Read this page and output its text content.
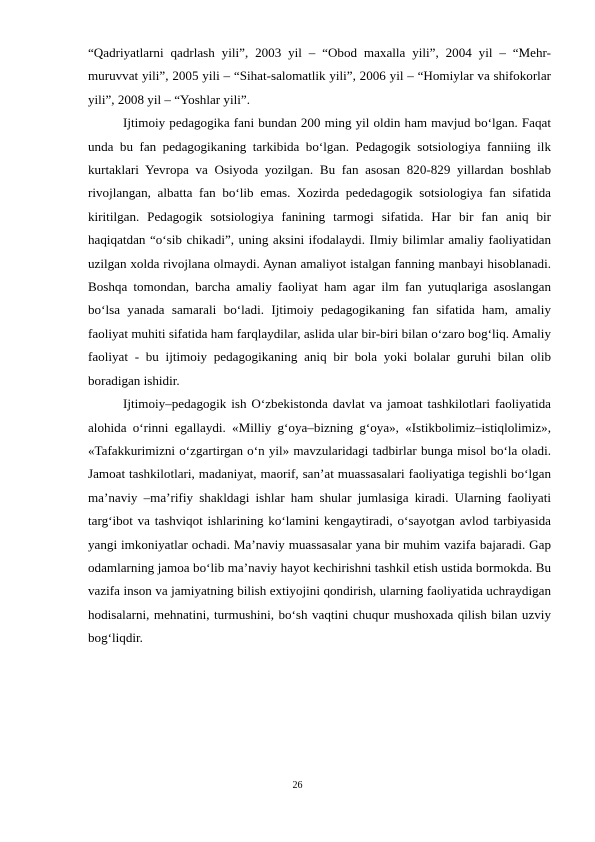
“Qadriyatlarni qadrlash yili”, 2003 yil – “Obod maxalla yili”, 2004 yil – “Mehr-muruvvat yili”, 2005 yili – “Sihat-salomatlik yili”, 2006 yil – “Homiylar va shifokorlar yili”, 2008 yil – “Yoshlar yili”.

Ijtimoiy pedagogika fani bundan 200 ming yil oldin ham mavjud bo‘lgan. Faqat unda bu fan pedagogikaning tarkibida bo‘lgan. Pedagogik sotsiologiya fanniing ilk kurtaklari Yevropa va Osiyoda yozilgan. Bu fan asosan 820-829 yillardan boshlab rivojlangan, albatta fan bo‘lib emas. Xozirda pededagogik sotsiologiya fan sifatida kiritilgan. Pedagogik sotsiologiya fanining tarmogi sifatida. Har bir fan aniq bir haqiqatdan “o‘sib chikadi”, uning aksini ifodalaydi. Ilmiy bilimlar amaliy faoliyatidan uzilgan xolda rivojlana olmaydi. Aynan amaliyot istalgan fanning manbayi hisoblanadi. Boshqa tomondan, barcha amaliy faoliyat ham agar ilm fan yutuqlariga asoslangan bo‘lsa yanada samarali bo‘ladi. Ijtimoiy pedagogikaning fan sifatida ham, amaliy faoliyat muhiti sifatida ham farqlaydilar, aslida ular bir-biri bilan o‘zaro bog‘liq. Amaliy faoliyat - bu ijtimoiy pedagogikaning aniq bir bola yoki bolalar guruhi bilan olib boradigan ishidir.

Ijtimoiy–pedagogik ish O‘zbekistonda davlat va jamoat tashkilotlari faoliyatida alohida o‘rinni egallaydi. «Milliy g‘oya–bizning g‘oya», «Istikbolimiz–istiqlolimiz», «Tafakkurimizni o‘zgartirgan o‘n yil» mavzularidagi tadbirlar bunga misol bo‘la oladi. Jamoat tashkilotlari, madaniyat, maorif, san’at muassasalari faoliyatiga tegishli bo‘lgan ma’naviy –ma’rifiy shakldagi ishlar ham shular jumlasiga kiradi. Ularning faoliyati targ‘ibot va tashviqot ishlarining ko‘lamini kengaytiradi, o‘sayotgan avlod tarbiyasida yangi imkoniyatlar ochadi. Ma’naviy muassasalar yana bir muhim vazifa bajaradi. Gap odamlarning jamoa bo‘lib ma’naviy hayot kechirishni tashkil etish ustida bormokda. Bu vazifa inson va jamiyatning bilish extiyojini qondirish, ularning faoliyatida uchraydigan hodisalarni, mehnatini, turmushini, bo‘sh vaqtini chuqur mushoxada qilish bilan uzviy bog‘liqdir.

26
